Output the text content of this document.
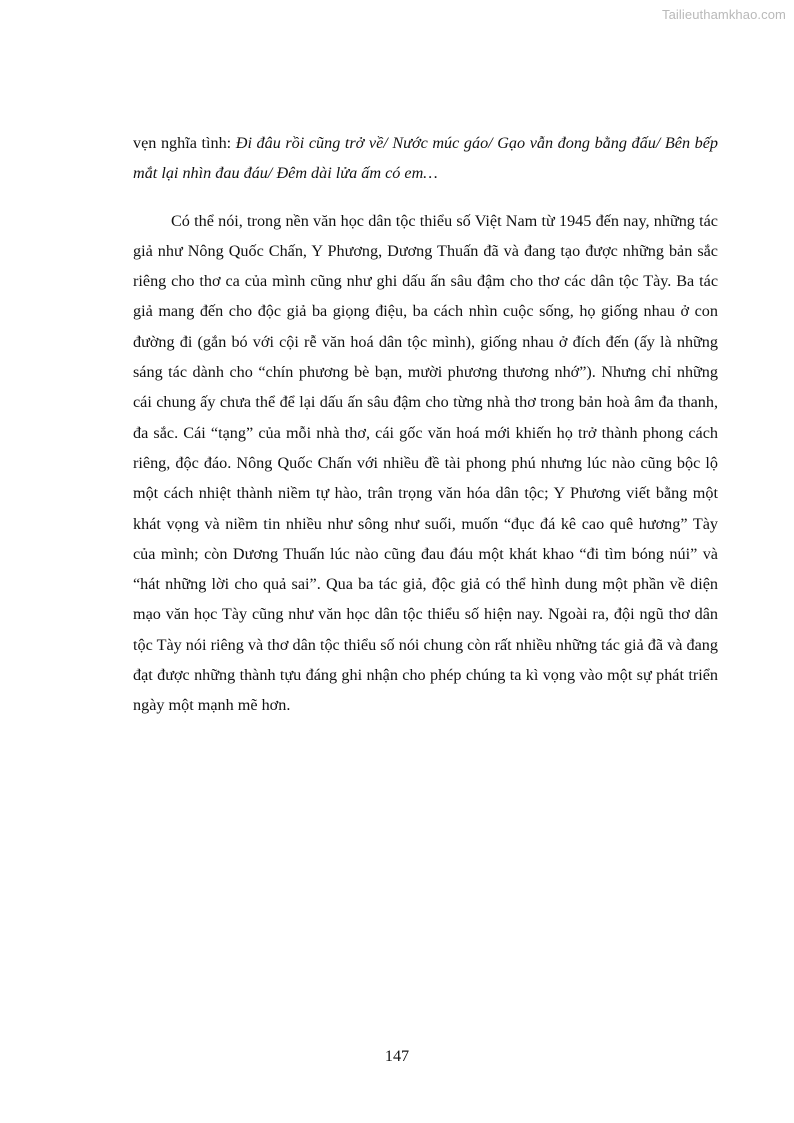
Tailieuthamkhao.com

vẹn nghĩa tình: Đi đâu rồi cũng trở về/ Nước múc gáo/ Gạo vẫn đong bằng đấu/ Bên bếp mắt lại nhìn đau đáu/ Đêm dài lửa ấm có em…

Có thể nói, trong nền văn học dân tộc thiểu số Việt Nam từ 1945 đến nay, những tác giả như Nông Quốc Chấn, Y Phương, Dương Thuấn đã và đang tạo được những bản sắc riêng cho thơ ca của mình cũng như ghi dấu ấn sâu đậm cho thơ các dân tộc Tày. Ba tác giả mang đến cho độc giả ba giọng điệu, ba cách nhìn cuộc sống, họ giống nhau ở con đường đi (gắn bó với cội rễ văn hoá dân tộc mình), giống nhau ở đích đến (ấy là những sáng tác dành cho “chín phương bè bạn, mười phương thương nhớ”). Nhưng chỉ những cái chung ấy chưa thể để lại dấu ấn sâu đậm cho từng nhà thơ trong bản hoà âm đa thanh, đa sắc. Cái “tạng” của mỗi nhà thơ, cái gốc văn hoá mới khiến họ trở thành phong cách riêng, độc đáo. Nông Quốc Chấn với nhiều đề tài phong phú nhưng lúc nào cũng bộc lộ một cách nhiệt thành niềm tự hào, trân trọng văn hóa dân tộc; Y Phương viết bằng một khát vọng và niềm tin nhiều như sông như suối, muốn “đục đá kê cao quê hương” Tày của mình; còn Dương Thuấn lúc nào cũng đau đáu một khát khao “đi tìm bóng núi” và “hát những lời cho quả sai”. Qua ba tác giả, độc giả có thể hình dung một phần về diện mạo văn học Tày cũng như văn học dân tộc thiểu số hiện nay. Ngoài ra, đội ngũ thơ dân tộc Tày nói riêng và thơ dân tộc thiểu số nói chung còn rất nhiều những tác giả đã và đang đạt được những thành tựu đáng ghi nhận cho phép chúng ta kì vọng vào một sự phát triển ngày một mạnh mẽ hơn.

147
